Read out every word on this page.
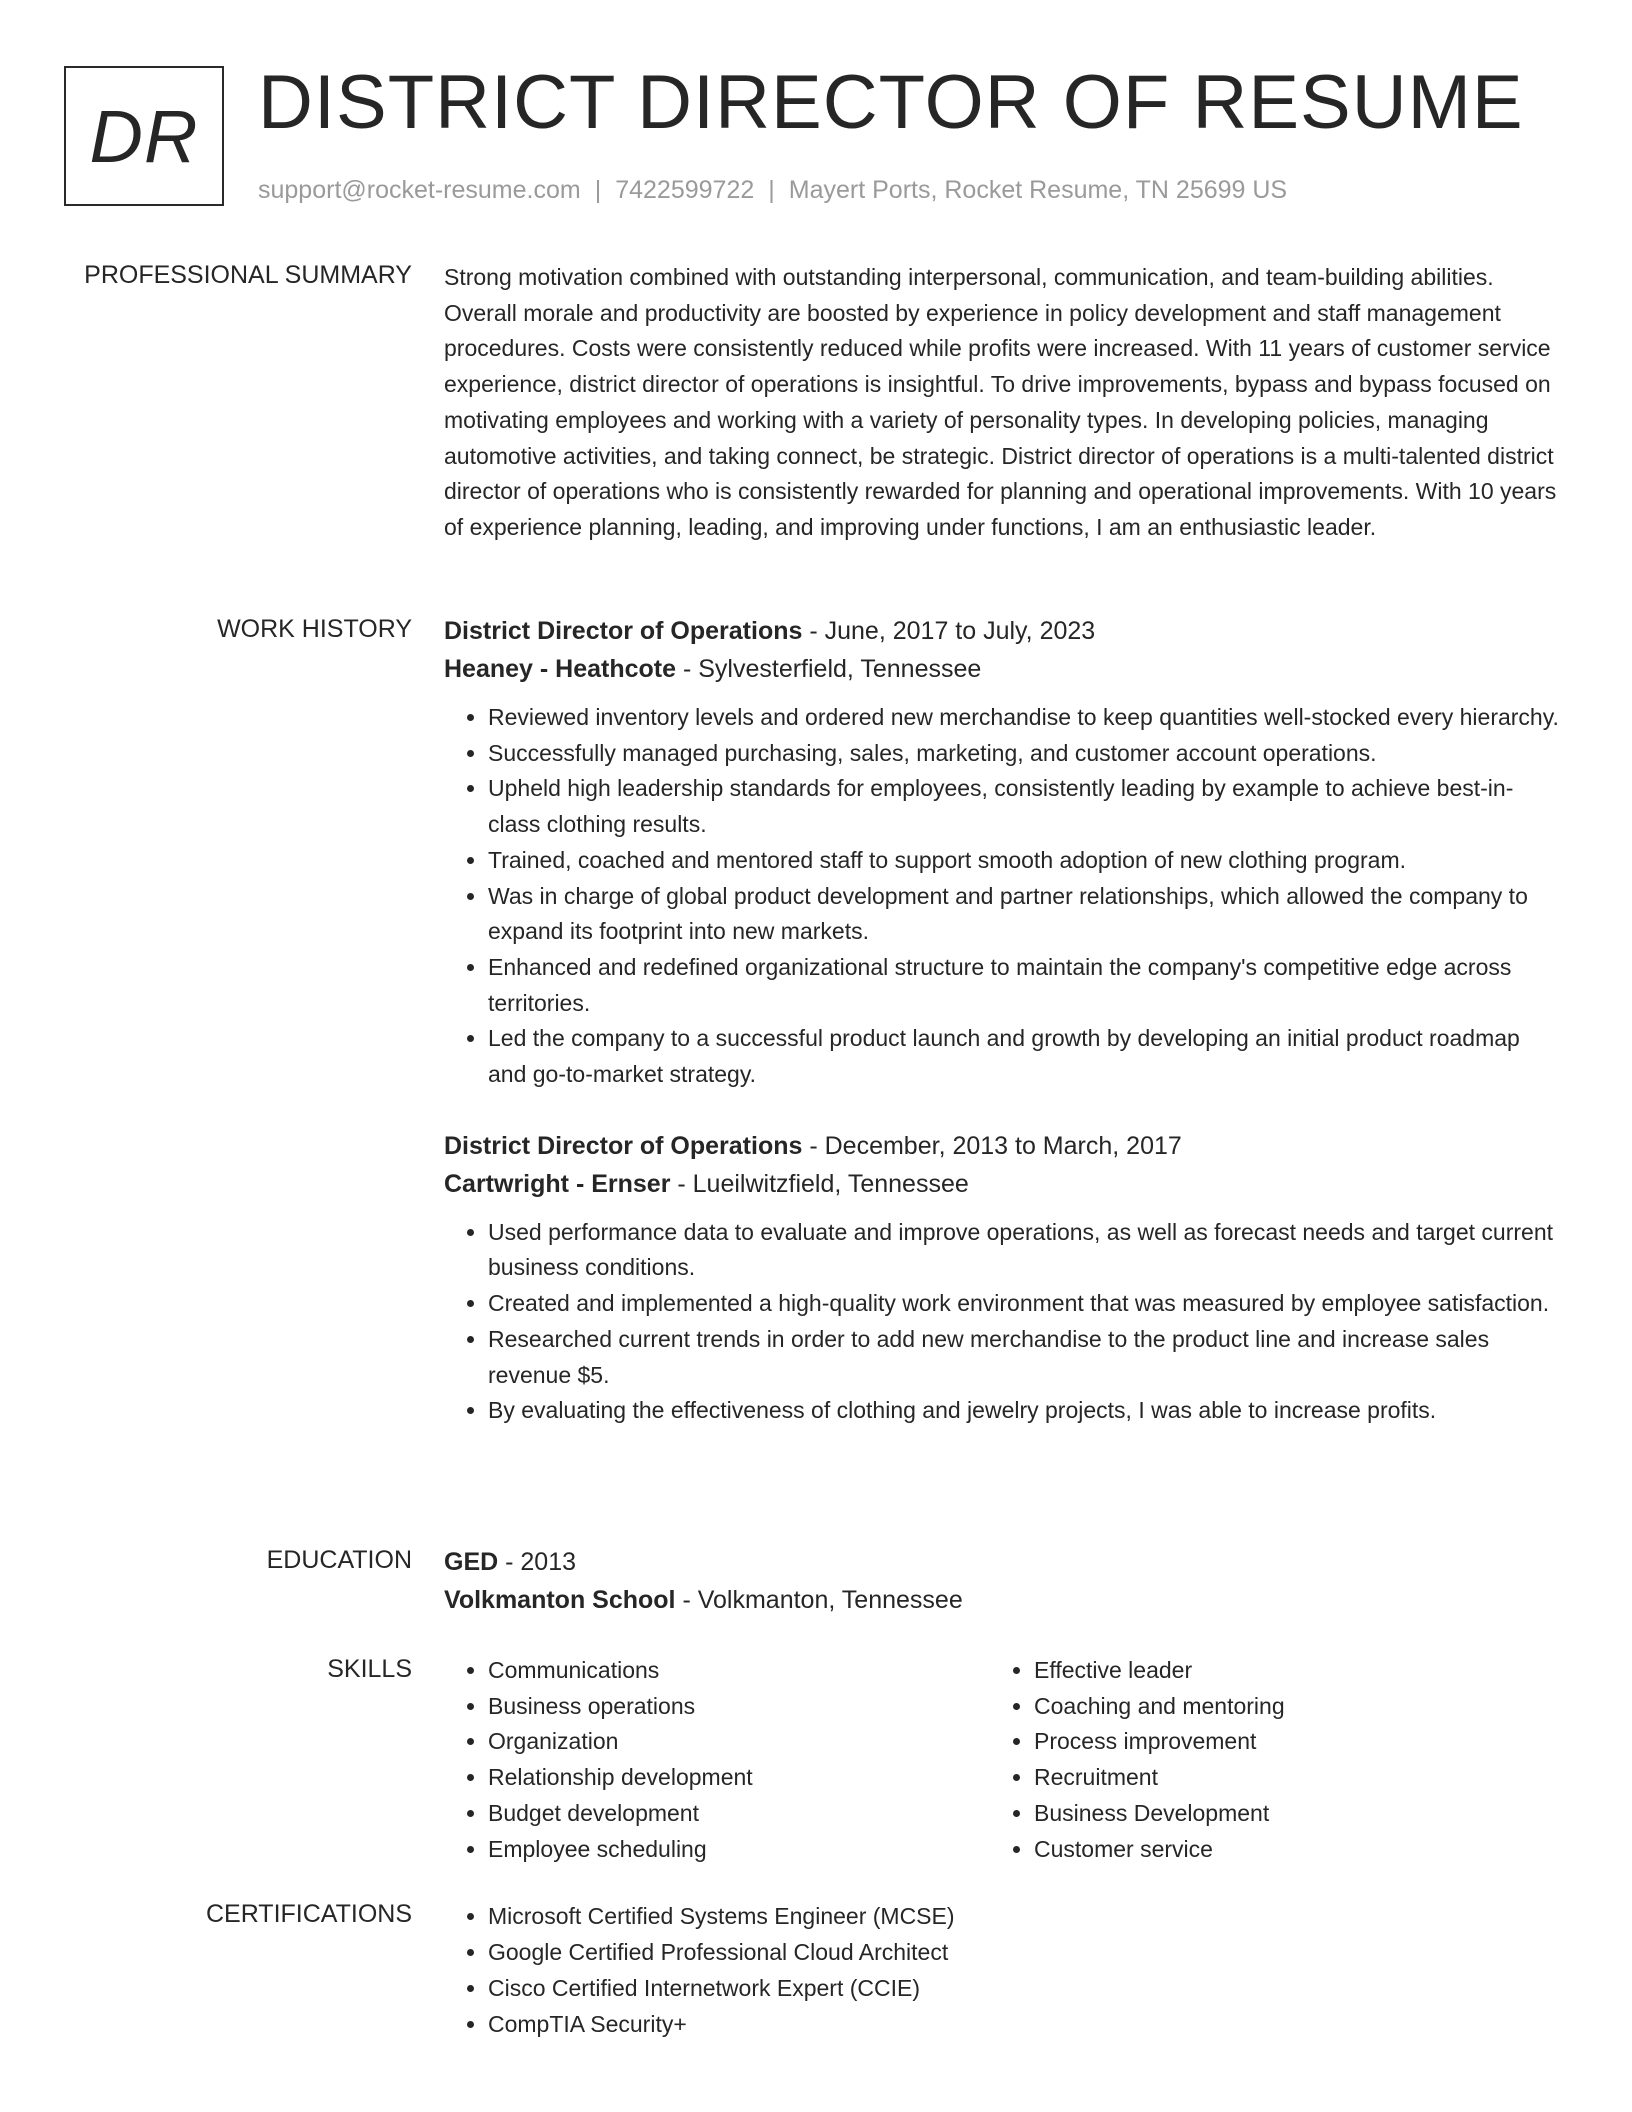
DR DISTRICT DIRECTOR OF RESUME
support@rocket-resume.com | 7422599722 | Mayert Ports, Rocket Resume, TN 25699 US
PROFESSIONAL SUMMARY Strong motivation combined with outstanding interpersonal, communication, and team-building abilities. Overall morale and productivity are boosted by experience in policy development and staff management procedures. Costs were consistently reduced while profits were increased. With 11 years of customer service experience, district director of operations is insightful. To drive improvements, bypass and bypass focused on motivating employees and working with a variety of personality types. In developing policies, managing automotive activities, and taking connect, be strategic. District director of operations is a multi-talented district director of operations who is consistently rewarded for planning and operational improvements. With 10 years of experience planning, leading, and improving under functions, I am an enthusiastic leader.

WORK HISTORY District Director of Operations - June, 2017 to July, 2023
Heaney - Heathcote - Sylvesterfield, Tennessee
• Reviewed inventory levels and ordered new merchandise to keep quantities well-stocked every hierarchy.
• Successfully managed purchasing, sales, marketing, and customer account operations.
• Upheld high leadership standards for employees, consistently leading by example to achieve best-in-class clothing results.
• Trained, coached and mentored staff to support smooth adoption of new clothing program.
• Was in charge of global product development and partner relationships, which allowed the company to expand its footprint into new markets.
• Enhanced and redefined organizational structure to maintain the company's competitive edge across territories.
• Led the company to a successful product launch and growth by developing an initial product roadmap and go-to-market strategy.
District Director of Operations - December, 2013 to March, 2017
Cartwright - Ernser - Lueilwitzfield, Tennessee
• Used performance data to evaluate and improve operations, as well as forecast needs and target current business conditions.
• Created and implemented a high-quality work environment that was measured by employee satisfaction.
• Researched current trends in order to add new merchandise to the product line and increase sales revenue $5.
• By evaluating the effectiveness of clothing and jewelry projects, I was able to increase profits.
EDUCATION GED - 2013
Volkmanton School - Volkmanton, Tennessee
SKILLS	• Communications
• Business operations
• Organization
• Relationship development
• Budget development
• Employee scheduling
• Effective leader
• Coaching and mentoring
• Process improvement
• Recruitment
• Business Development
• Customer service
CERTIFICATIONS	• Microsoft Certified Systems Engineer (MCSE)
• Google Certified Professional Cloud Architect
• Cisco Certified Internetwork Expert (CCIE)
• CompTIA Security+
